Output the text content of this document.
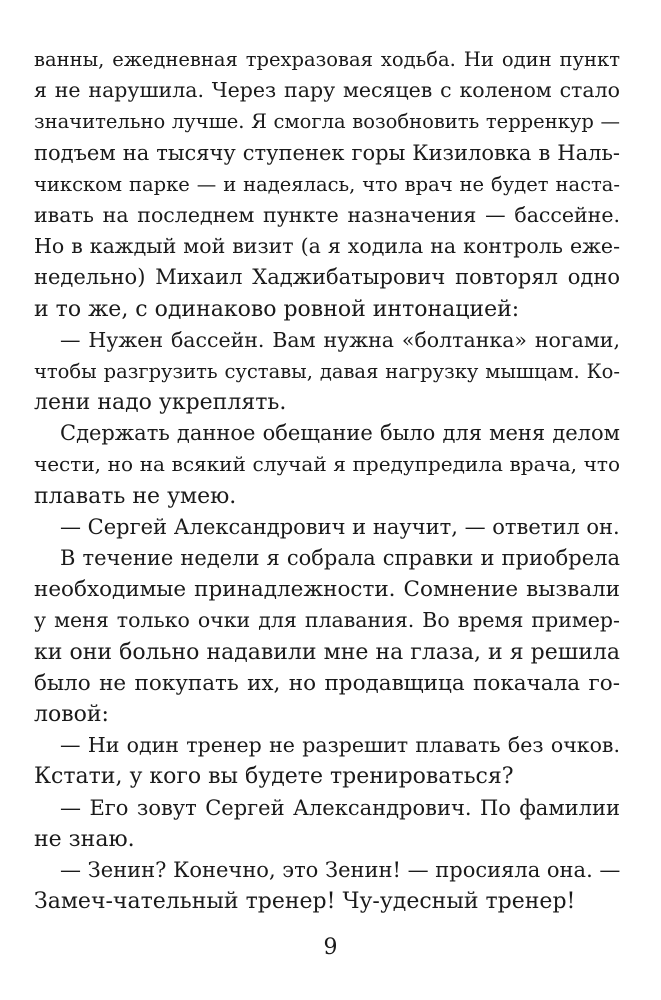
ванны, ежедневная трехразовая ходьба. Ни один пункт
я не нарушила. Через пару месяцев с коленом стало
значительно лучше. Я смогла возобновить терренкур —
подъем на тысячу ступенек горы Кизиловка в Наль-
чикском парке — и надеялась, что врач не будет наста-
ивать на последнем пункте назначения — бассейне.
Но в каждый мой визит (а я ходила на контроль еже-
недельно) Михаил Хаджибатырович повторял одно
и то же, с одинаково ровной интонацией:
— Нужен бассейн. Вам нужна «болтанка» ногами,
чтобы разгрузить суставы, давая нагрузку мышцам. Ко-
лени надо укреплять.
Сдержать данное обещание было для меня делом
чести, но на всякий случай я предупредила врача, что
плавать не умею.
— Сергей Александрович и научит, — ответил он.
В течение недели я собрала справки и приобрела
необходимые принадлежности. Сомнение вызвали
у меня только очки для плавания. Во время пример-
ки они больно надавили мне на глаза, и я решила
было не покупать их, но продавщица покачала го-
ловой:
— Ни один тренер не разрешит плавать без очков.
Кстати, у кого вы будете тренироваться?
— Его зовут Сергей Александрович. По фамилии
не знаю.
— Зенин? Конечно, это Зенин! — просияла она. —
Замеч-чательный тренер! Чу-удесный тренер!
9
